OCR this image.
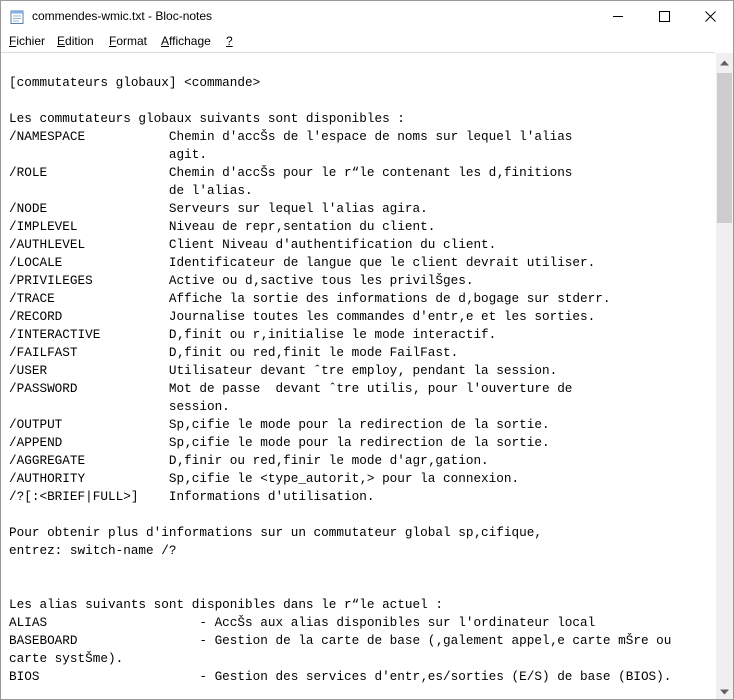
commendes-wmic.txt - Bloc-notes
Fichier Edition Format Affichage ?
[commutateurs globaux] <commande>

Les commutateurs globaux suivants sont disponibles :
/NAMESPACE           Chemin d'accŠs de l'espace de noms sur lequel l'alias
agit.
/ROLE                Chemin d'accŠs pour le r“le contenant les d‚finitions
de l'alias.
/NODE                Serveurs sur lequel l'alias agira.
/IMPLEVEL            Niveau de repr‚sentation du client.
/AUTHLEVEL           Client Niveau d'authentification du client.
/LOCALE              Identificateur de langue que le client devrait utiliser.
/PRIVILEGES          Active ou d‚sactive tous les privilŠges.
/TRACE               Affiche la sortie des informations de d‚bogage sur stderr.
/RECORD              Journalise toutes les commandes d'entr‚e et les sorties.
/INTERACTIVE         D‚finit ou r‚initialise le mode interactif.
/FAILFAST            D‚finit ou red‚finit le mode FailFast.
/USER                Utilisateur devant ˆtre employ‚ pendant la session.
/PASSWORD            Mot de passe  devant ˆtre utilis‚ pour l'ouverture de
session.
/OUTPUT              Sp‚cifie le mode pour la redirection de la sortie.
/APPEND              Sp‚cifie le mode pour la redirection de la sortie.
/AGGREGATE           D‚finir ou red‚finir le mode d'agr‚gation.
/AUTHORITY           Sp‚cifie le <type_autorit‚> pour la connexion.
/?[:<BRIEF|FULL>]    Informations d'utilisation.

Pour obtenir plus d'informations sur un commutateur global sp‚cifique,
entrez: switch-name /?

Les alias suivants sont disponibles dans le r“le actuel :
ALIAS                    - AccŠs aux alias disponibles sur l'ordinateur local
BASEBOARD                - Gestion de la carte de base (‚galement appel‚e carte mŠre ou
carte systŠme).
BIOS                     - Gestion des services d'entr‚es/sorties (E/S) de base (BIOS).
